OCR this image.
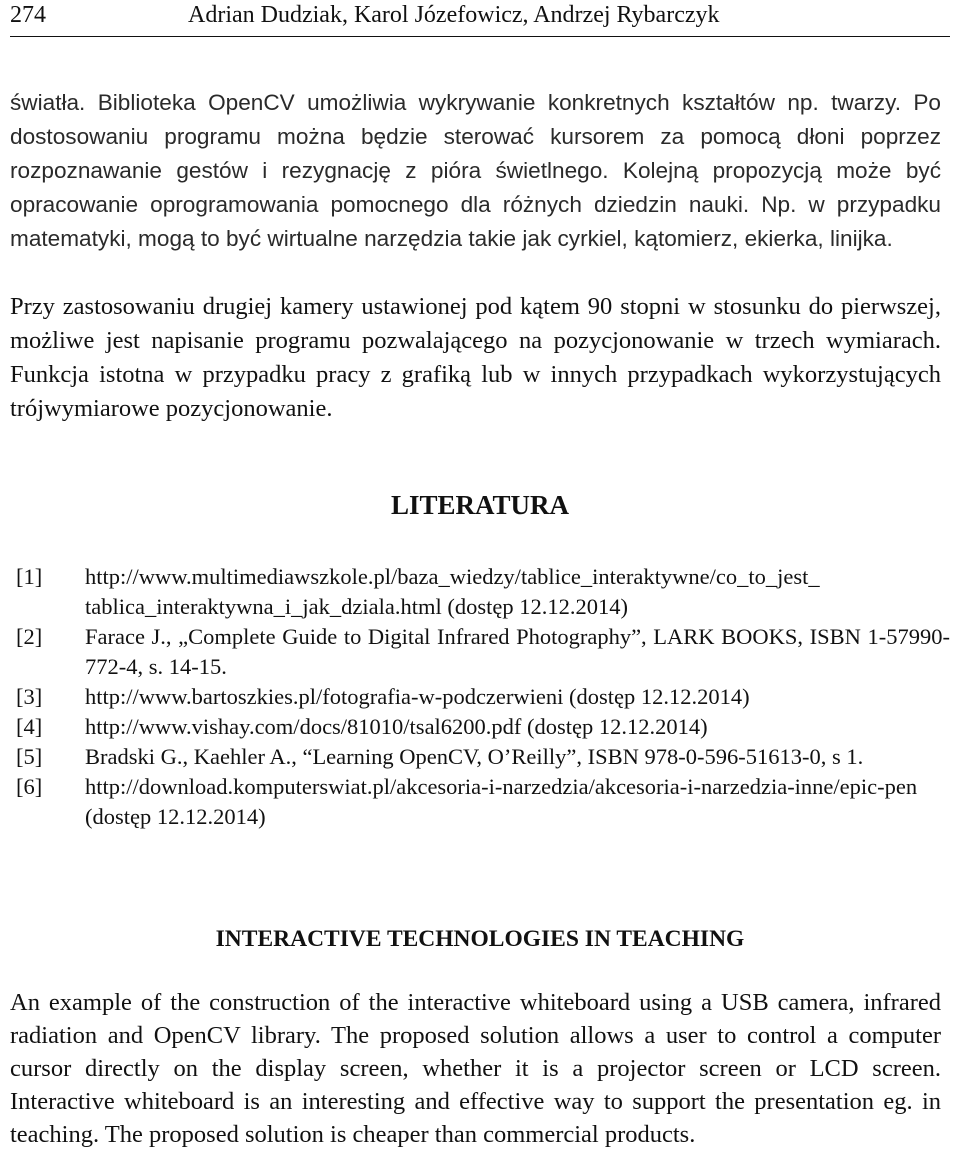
274	Adrian Dudziak, Karol Józefowicz, Andrzej Rybarczyk

światła. Biblioteka OpenCV umożliwia wykrywanie konkretnych kształtów np. twarzy. Po dostosowaniu programu można będzie sterować kursorem za pomocą dłoni poprzez rozpoznawanie gestów i rezygnację z pióra świetlnego. Kolejną propozycją może być opracowanie oprogramowania pomocnego dla różnych dziedzin nauki. Np. w przypadku matematyki, mogą to być wirtualne narzędzia takie jak cyrkiel, kątomierz, ekierka, linijka.

Przy zastosowaniu drugiej kamery ustawionej pod kątem 90 stopni w stosunku do pierwszej, możliwe jest napisanie programu pozwalającego na pozycjonowanie w trzech wymiarach. Funkcja istotna w przypadku pracy z grafiką lub w innych przypadkach wykorzystujących trójwymiarowe pozycjonowanie.

LITERATURA
[1] http://www.multimediawszkole.pl/baza_wiedzy/tablice_interaktywne/co_to_jest_ tablica_interaktywna_i_jak_dziala.html (dostęp 12.12.2014)
[2] Farace J., „Complete Guide to Digital Infrared Photography”, LARK BOOKS, ISBN 1-57990-772-4, s. 14-15.
[3] http://www.bartoszkies.pl/fotografia-w-podczerwieni (dostęp 12.12.2014)
[4] http://www.vishay.com/docs/81010/tsal6200.pdf (dostęp 12.12.2014)
[5] Bradski G., Kaehler A., “Learning OpenCV, O’Reilly”, ISBN 978-0-596-51613-0, s 1.
[6] http://download.komputerswiat.pl/akcesoria-i-narzedzia/akcesoria-i-narzedzia-inne/epic-pen (dostęp 12.12.2014)
INTERACTIVE TECHNOLOGIES IN TEACHING

An example of the construction of the interactive whiteboard using a USB camera, infrared radiation and OpenCV library. The proposed solution allows a user to control a computer cursor directly on the display screen, whether it is a projector screen or LCD screen. Interactive whiteboard is an interesting and effective way to support the presentation eg. in teaching. The proposed solution is cheaper than commercial products.
